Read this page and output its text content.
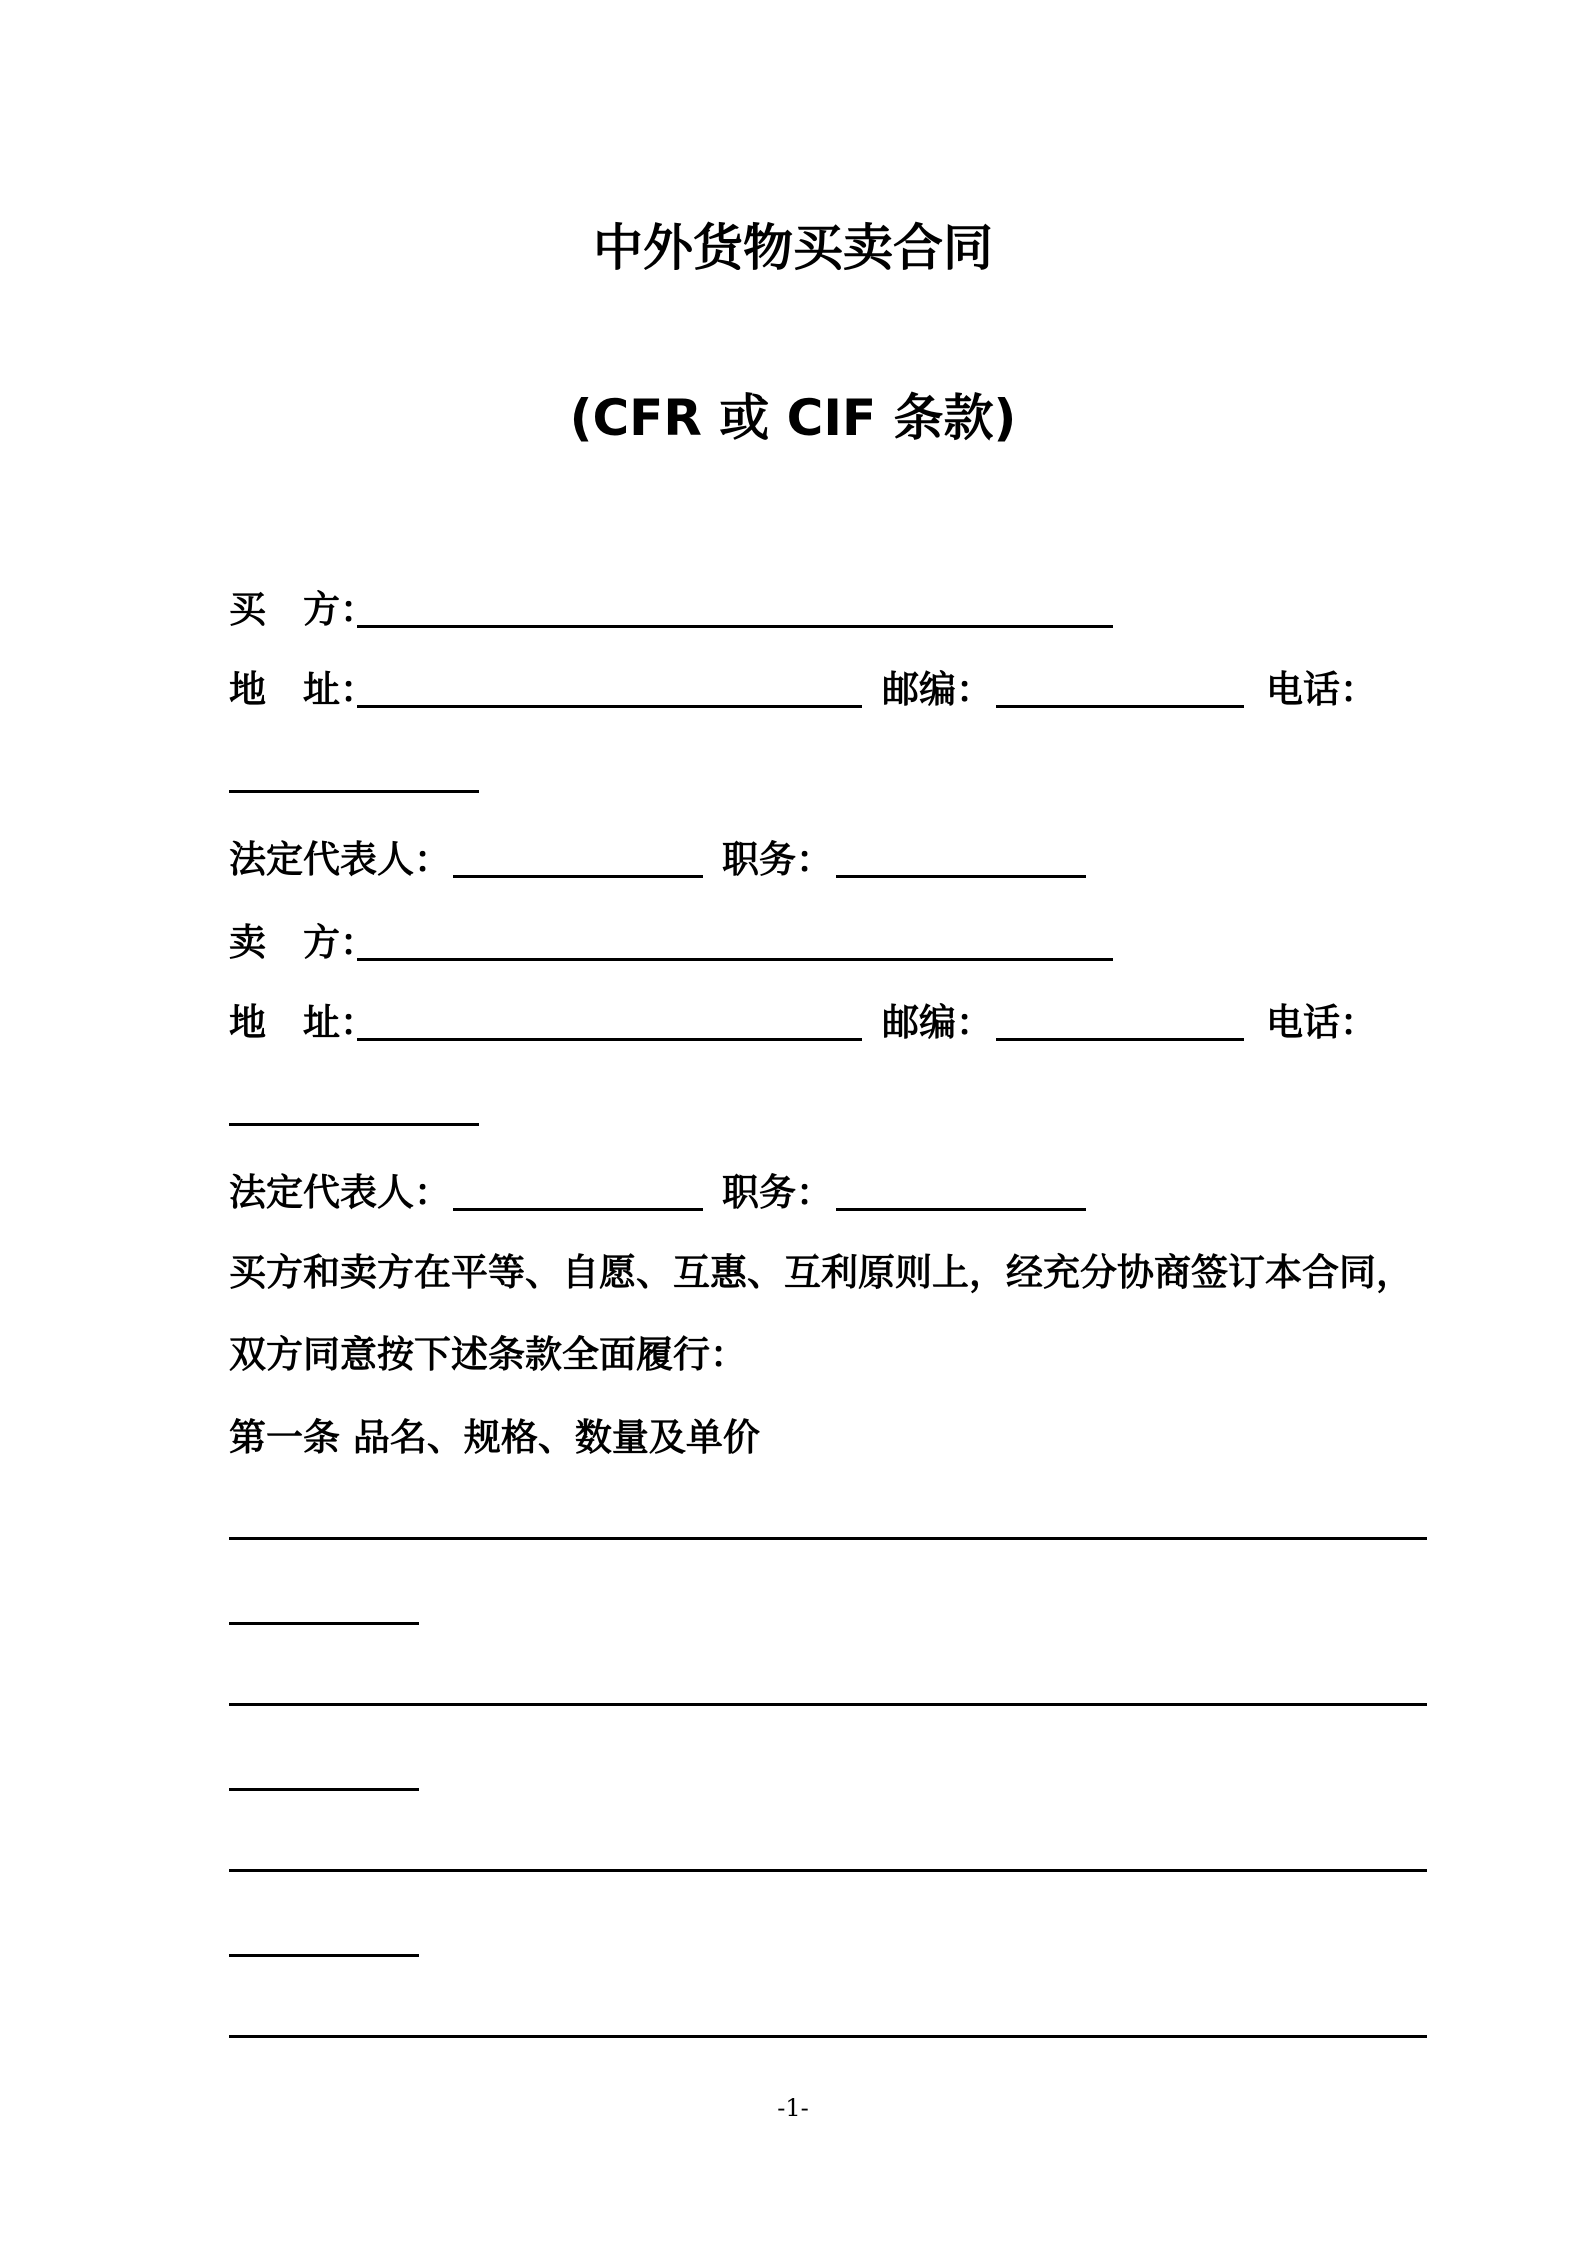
中外货物买卖合同
(CFR 或 CIF 条款)
买　方：
地　址：	邮编：	电话：
法定代表人：	职务：
卖　方：
地　址：	邮编：	电话：
法定代表人：	职务：
买方和卖方在平等、自愿、互惠、互利原则上，经充分协商签订本合同，
双方同意按下述条款全面履行：
第一条 品名、规格、数量及单价
-1-
